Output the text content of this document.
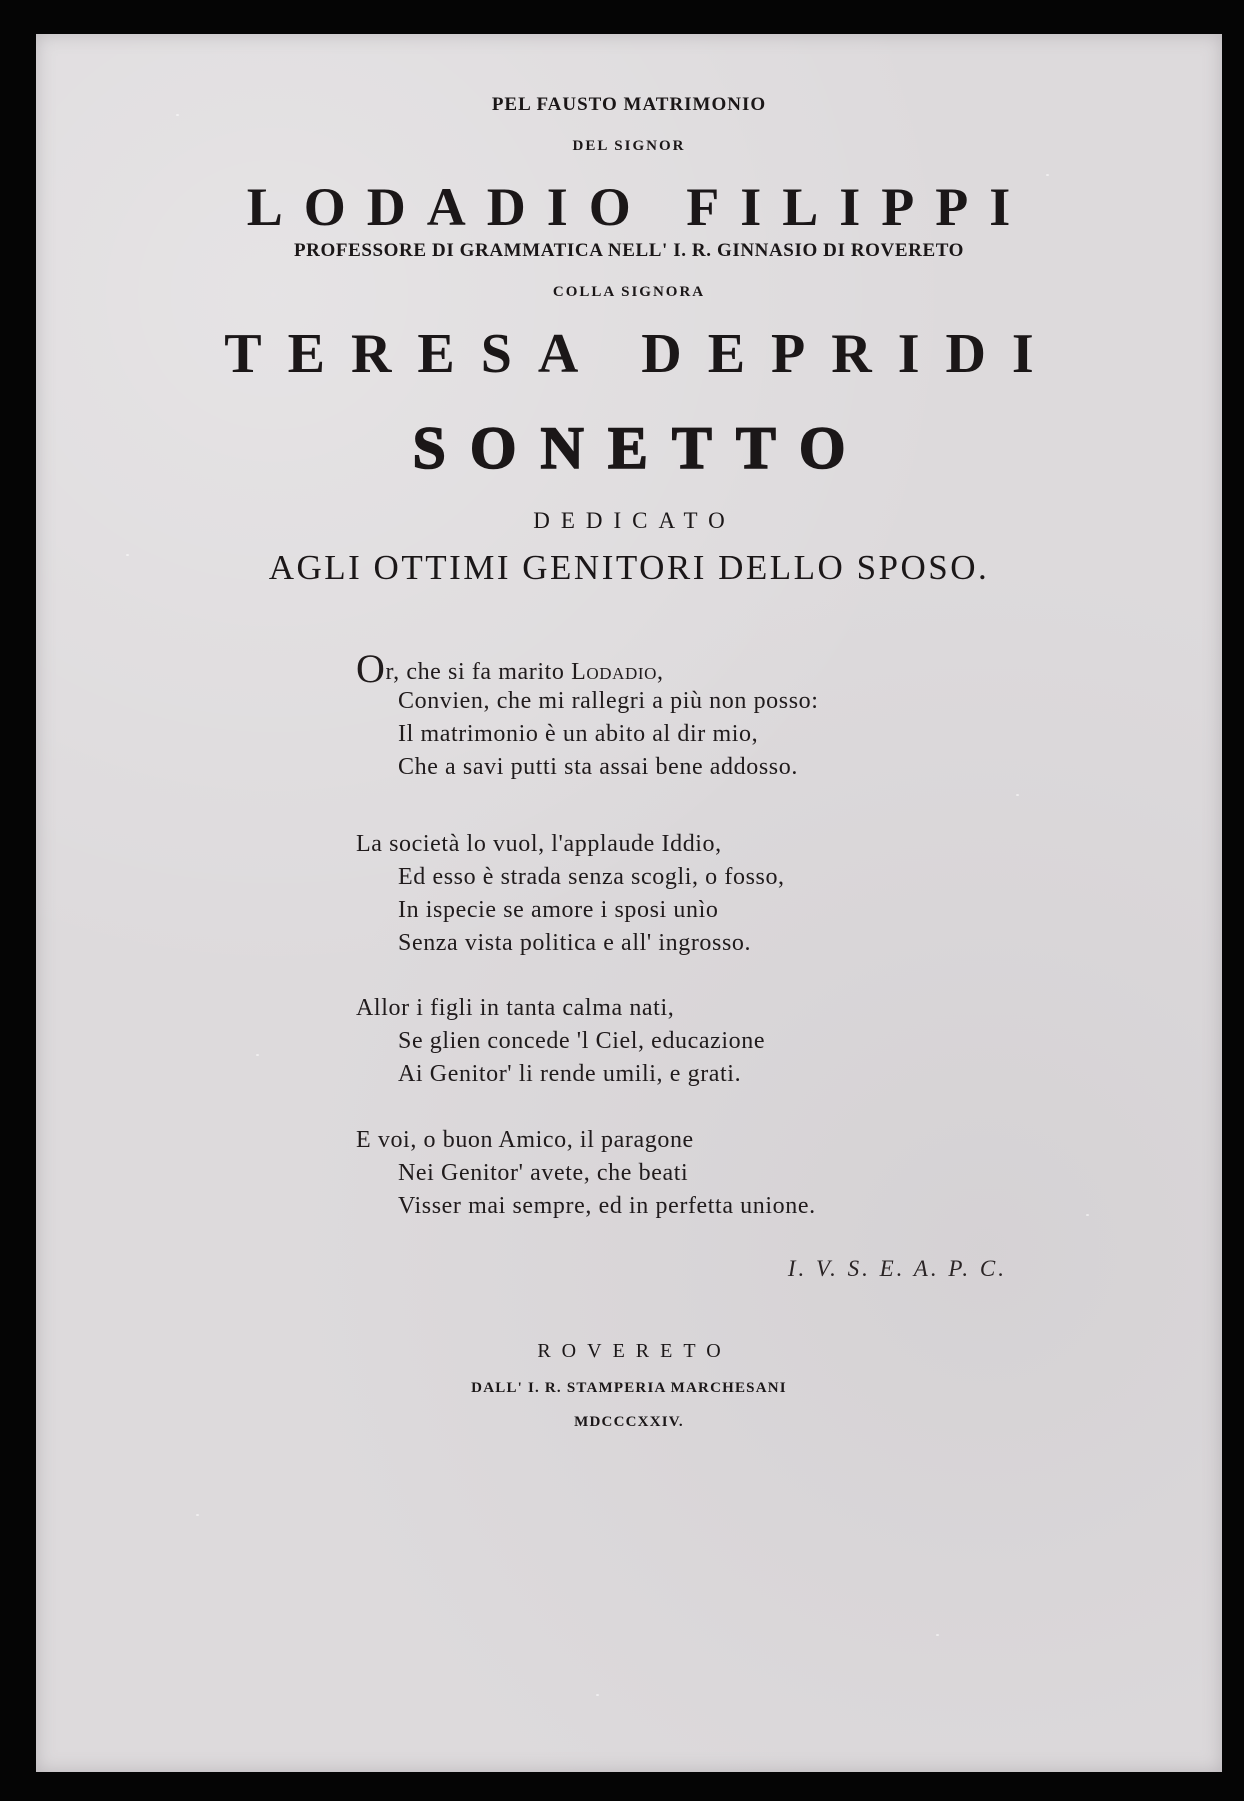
PEL FAUSTO MATRIMONIO
DEL SIGNOR
LODADIO FILIPPI
PROFESSORE DI GRAMMATICA NELL' I. R. GINNASIO DI ROVERETO
COLLA SIGNORA
TERESA DEPRIDI
SONETTO
DEDICATO
AGLI OTTIMI GENITORI DELLO SPOSO.
Or, che si fa marito Lodadio,
Convien, che mi rallegri a più non posso:
Il matrimonio è un abito al dir mio,
Che a savi putti sta assai bene addosso.
La società lo vuol, l'applaude Iddio,
Ed esso è strada senza scogli, o fosso,
In ispecie se amore i sposi unìo
Senza vista politica e all' ingrosso.
Allor i figli in tanta calma nati,
Se glien concede 'l Ciel, educazione
Ai Genitor' li rende umili, e grati.
E voi, o buon Amico, il paragone
Nei Genitor' avete, che beati
Visser mai sempre, ed in perfetta unione.
I. V. S. E. A. P. C.
ROVERETO
DALL' I. R. STAMPERIA MARCHESANI
MDCCCXXIV.
